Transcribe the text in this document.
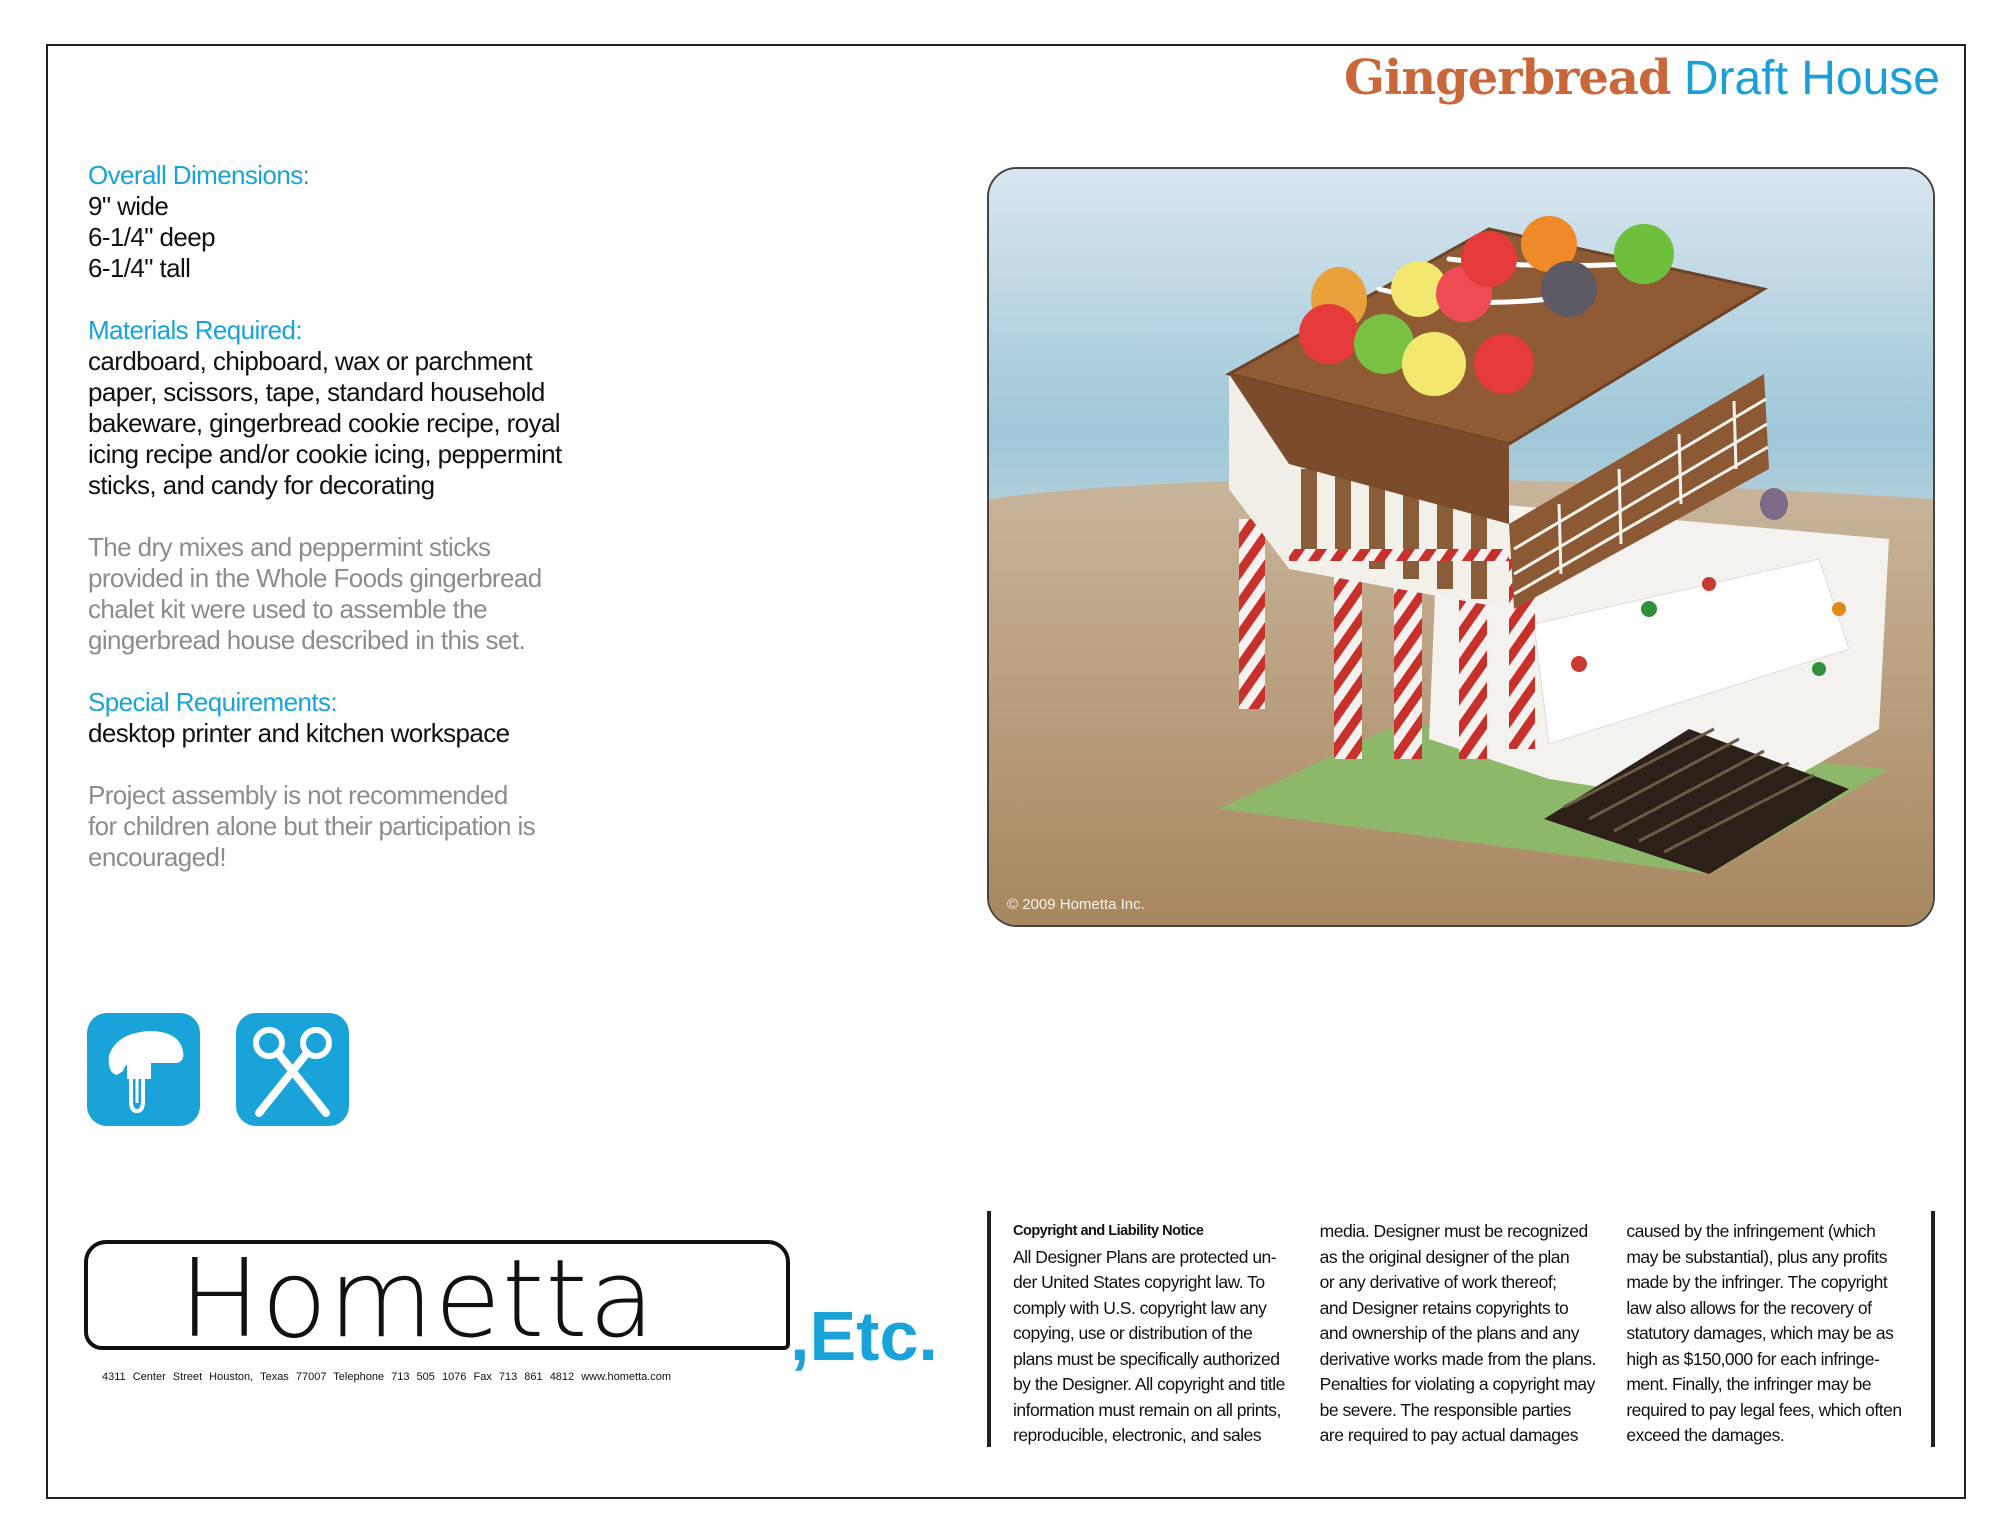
Gingerbread Draft House
Overall Dimensions:

9" wide

6-1/4" deep

6-1/4" tall

Materials Required:

cardboard, chipboard, wax or parchment

paper, scissors, tape, standard household

bakeware, gingerbread cookie recipe, royal

icing recipe and/or cookie icing, peppermint

sticks, and candy for decorating

The dry mixes and peppermint sticks

provided in the Whole Foods gingerbread

chalet kit were used to assemble the

gingerbread house described in this set.

Special Requirements:

desktop printer and kitchen workspace

Project assembly is not recommended

for children alone but their participation is

encouraged!

© 2009 Hometta Inc.
Hometta ,Etc.
4311 Center Street Houston, Texas 77007 Telephone 713 505 1076 Fax 713 861 4812 www.hometta.com
Copyright and Liability Notice
All Designer Plans are protected un-
der United States copyright law. To
comply with U.S. copyright law any
copying, use or distribution of the
plans must be specifically authorized
by the Designer. All copyright and title
information must remain on all prints,
reproducible, electronic, and sales
media. Designer must be recognized
as the original designer of the plan
or any derivative of work thereof;
and Designer retains copyrights to
and ownership of the plans and any
derivative works made from the plans.
Penalties for violating a copyright may
be severe. The responsible parties
are required to pay actual damages
caused by the infringement (which
may be substantial), plus any profits
made by the infringer. The copyright
law also allows for the recovery of
statutory damages, which may be as
high as $150,000 for each infringe-
ment. Finally, the infringer may be
required to pay legal fees, which often
exceed the damages.
